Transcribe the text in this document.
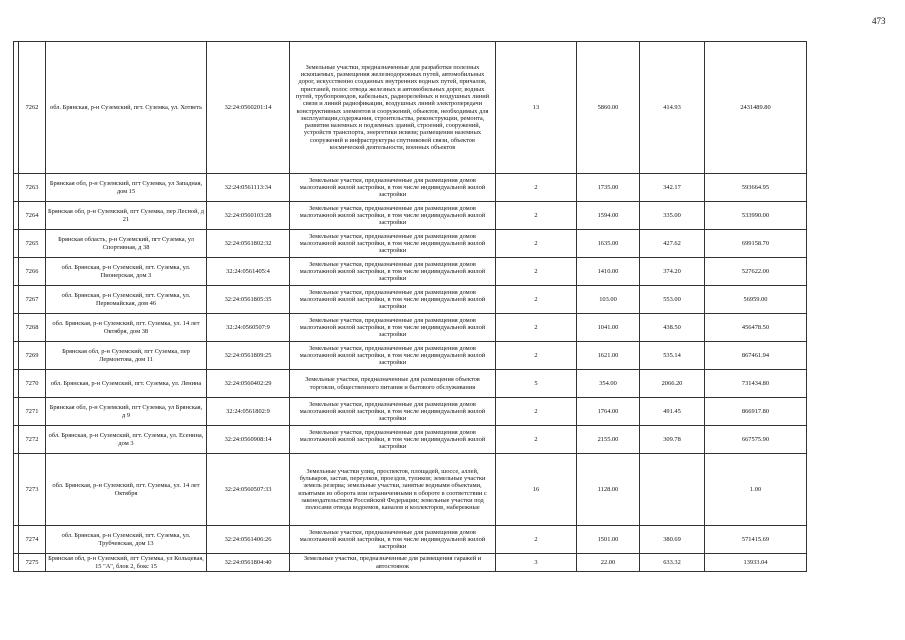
473
	7262	обл. Брянская, р-н Суземский, пгт. Суземка, ул. Хответь	32:24:0560201:14	Земельные участки, предназначенные для разработки полезных ископаемых, размещения железнодорожных путей, автомобильных дорог, искусственно созданных внутренних водных путей, причалов, пристаней, полос отвода железных и автомобильных дорог, водных путей, трубопроводов, кабельных, радиорелейных и воздушных линий связи и линий радиофикации, воздушных линий электропередачи конструктивных элементов и сооружений, объектов, необходимых для эксплуатации,содержания, строительства, реконструкции, ремонта, развития наземных и подземных зданий, строений, сооружений, устройств транспорта, энергетики исвязи; размещения наземных сооружений и инфраструктуры спутниковой связи, объектов космической деятельности, военных объектов	13	5860.00	414.93	2431489.80
	7263	Брянская обл, р-н Суземский, пгт Суземка, ул Западная, дом 15	32:24:0561113:34	Земельные участки, предназначенные для размещения домов малоэтажной жилой застройки, в том числе индивидуальной жилой застройки	2	1735.00	342.17	593664.95
	7264	Брянская обл, р-н Суземский, пгт Суземка, пер Лесной, д 21	32:24:0560103:28	Земельные участки, предназначенные для размещения домов малоэтажной жилой застройки, в том числе индивидуальной жилой застройки	2	1594.00	335.00	533990.00
	7265	Брянская область, р-н Суземский, пгт Суземка, ул Спортивная, д 38	32:24:0561802:32	Земельные участки, предназначенные для размещения домов малоэтажной жилой застройки, в том числе индивидуальной жилой застройки	2	1635.00	427.62	699158.70
	7266	обл. Брянская, р-н Суземский, пгт. Суземка, ул. Пионерская, дом 3	32:24:0561405:4	Земельные участки, предназначенные для размещения домов малоэтажной жилой застройки, в том числе индивидуальной жилой застройки	2	1410.00	374.20	527622.00
	7267	обл. Брянская, р-н Суземский, пгт. Суземка, ул. Первомайская, дом 46	32:24:0561805:35	Земельные участки, предназначенные для размещения домов малоэтажной жилой застройки, в том числе индивидуальной жилой застройки	2	103.00	553.00	56959.00
	7268	обл. Брянская, р-н Суземский, пгт. Суземка, ул. 14 лет Октября, дом 38	32:24:0560507:9	Земельные участки, предназначенные для размещения домов малоэтажной жилой застройки, в том числе индивидуальной жилой застройки	2	1041.00	438.50	456478.50
	7269	Брянская обл, р-н Суземский, пгт Суземка, пер Лермонтова, дом 11	32:24:0561809:25	Земельные участки, предназначенные для размещения домов малоэтажной жилой застройки, в том числе индивидуальной жилой застройки	2	1621.00	535.14	867461.94
	7270	обл. Брянская, р-н Суземский, пгт. Суземка, ул. Ленина	32:24:0560402:29	Земельные участки, предназначенные для размещения объектов торговли, общественного питания и бытового обслуживания	5	354.00	2066.20	731434.80
	7271	Брянская обл, р-н Суземский, пгт Суземка, ул Брянская, д 9	32:24:0561802:9	Земельные участки, предназначенные для размещения домов малоэтажной жилой застройки, в том числе индивидуальной жилой застройки	2	1764.00	491.45	866917.80
	7272	обл. Брянская, р-н Суземский, пгт. Суземка, ул. Есенина, дом 3	32:24:0560908:14	Земельные участки, предназначенные для размещения домов малоэтажной жилой застройки, в том числе индивидуальной жилой застройки	2	2155.00	309.78	667575.90
	7273	обл. Брянская, р-н Суземский, пгт. Суземка, ул. 14 лет Октября	32:24:0560507:33	Земельные участки улиц, проспектов, площадей, шоссе, аллей, бульваров, застав, переулков, проездов, тупиков; земельные участки земель резерва; земельные участки, занятые водными объектами, изъятыми из оборота или ограниченными в обороте в соответствии с законодательством Российской Федерации; земельные участки под полосами отвода водоемов, каналов и коллекторов, набережные	16	1128.00		1.00
	7274	обл. Брянская, р-н Суземский, пгт. Суземка, ул. Трубчевская, дом 13	32:24:0561406:26	Земельные участки, предназначенные для размещения домов малоэтажной жилой застройки, в том числе индивидуальной жилой застройки	2	1501.00	380.69	571415.69
	7275	Брянская обл, р-н Суземский, пгт Суземка, ул Кольцевая, 15 "А", блок 2, бокс 15	32:24:0561804:40	Земельные участки, предназначенные для размещения гаражей и автостоянок	3	22.00	633.32	13933.04
